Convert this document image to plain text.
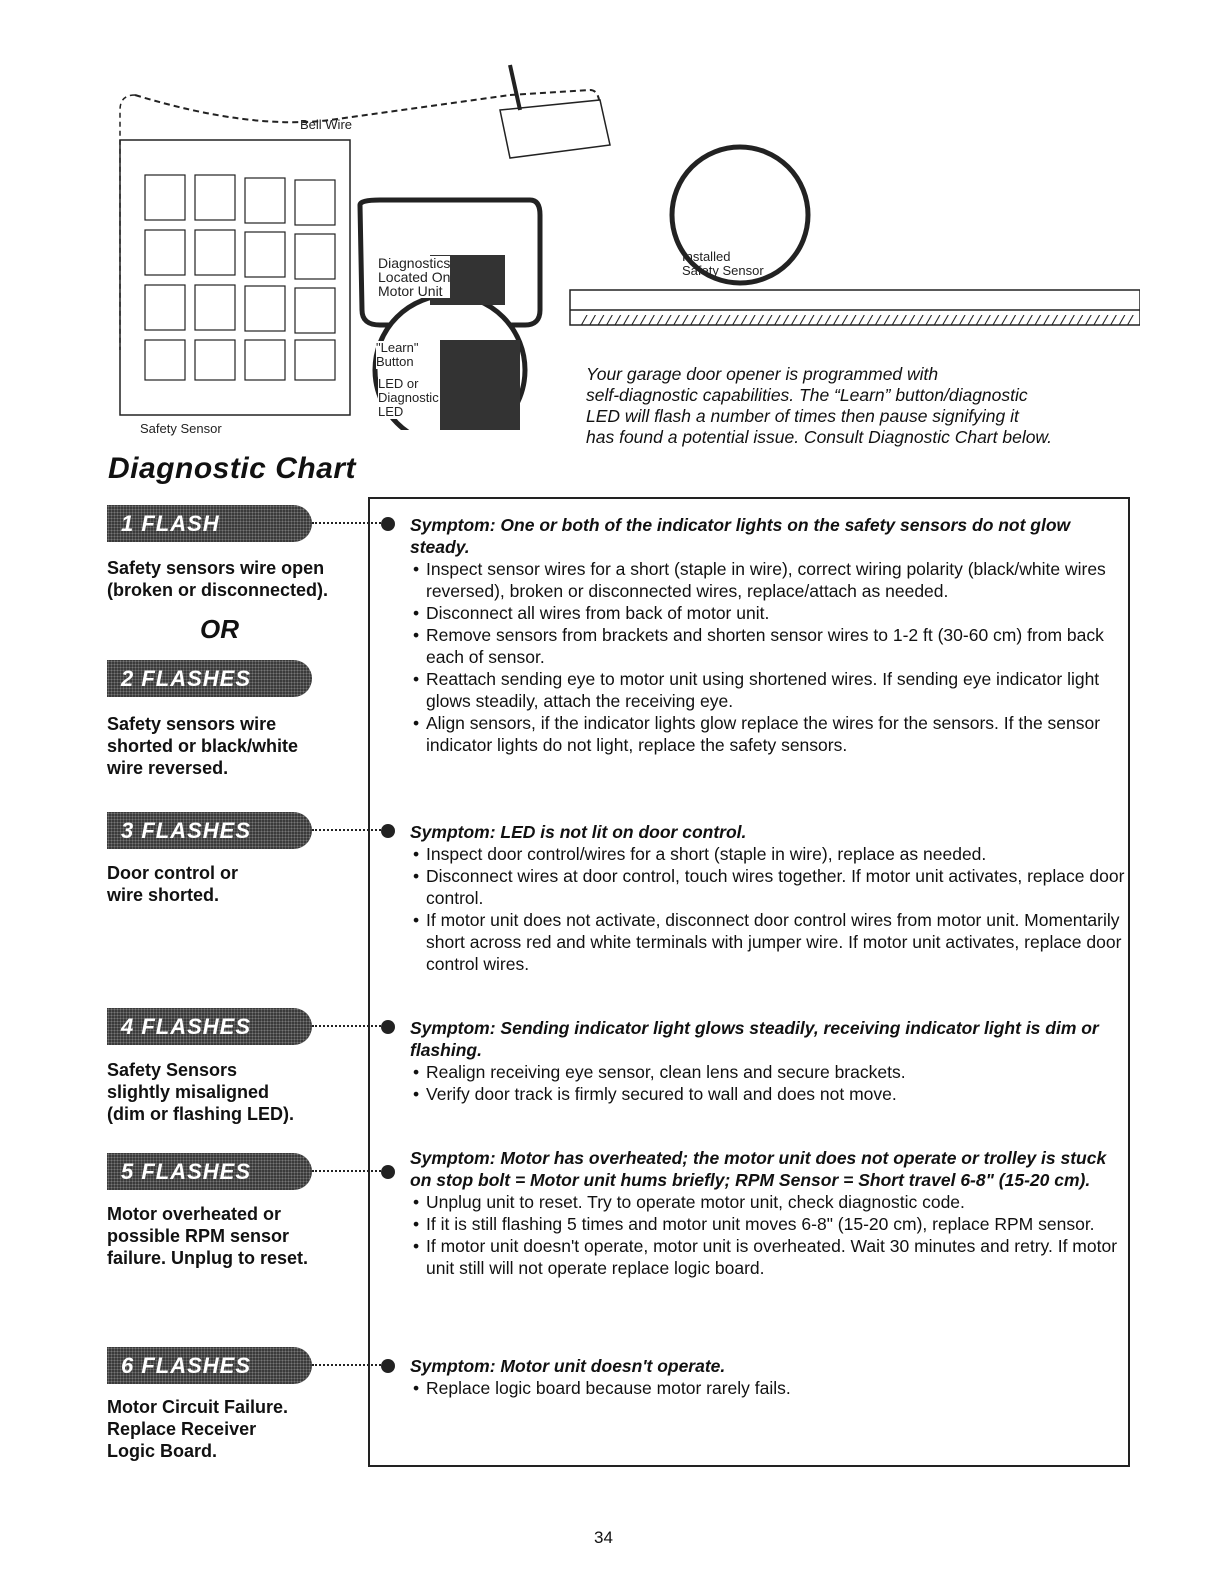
//////////////////////////////////////////////////////////////////
Bell Wire
Safety Sensor
Diagnostics
Located On
Motor Unit
"Learn"
Button
LED or
Diagnostic
LED
Installed
Safety Sensor
Your garage door opener is programmed with
self-diagnostic capabilities. The “Learn” button/diagnostic
LED will flash a number of times then pause signifying it
has found a potential issue. Consult Diagnostic Chart below.
Diagnostic Chart
1 FLASH
2 FLASHES
3 FLASHES
4 FLASHES
5 FLASHES
6 FLASHES
Safety sensors wire open
(broken or disconnected).
OR
Safety sensors wire
shorted or black/white
wire reversed.
Door control or
wire shorted.
Safety Sensors
slightly misaligned
(dim or flashing LED).
Motor overheated or
possible RPM sensor
failure. Unplug to reset.
Motor Circuit Failure.
Replace Receiver
Logic Board.
Symptom: One or both of the indicator lights on the safety sensors do not glow steady.
• Inspect sensor wires for a short (staple in wire), correct wiring polarity (black/white wires reversed), broken or disconnected wires, replace/attach as needed.
• Disconnect all wires from back of motor unit.
• Remove sensors from brackets and shorten sensor wires to 1-2 ft (30-60 cm) from back each of sensor.
• Reattach sending eye to motor unit using shortened wires. If sending eye indicator light glows steadily, attach the receiving eye.
• Align sensors, if the indicator lights glow replace the wires for the sensors. If the sensor indicator lights do not light, replace the safety sensors.
Symptom: LED is not lit on door control.
• Inspect door control/wires for a short (staple in wire), replace as needed.
• Disconnect wires at door control, touch wires together. If motor unit activates, replace door control.
• If motor unit does not activate, disconnect door control wires from motor unit. Momentarily short across red and white terminals with jumper wire. If motor unit activates, replace door control wires.
Symptom: Sending indicator light glows steadily, receiving indicator light is dim or flashing.
• Realign receiving eye sensor, clean lens and secure brackets.
• Verify door track is firmly secured to wall and does not move.
Symptom: Motor has overheated; the motor unit does not operate or trolley is stuck on stop bolt = Motor unit hums briefly; RPM Sensor = Short travel 6-8" (15-20 cm).
• Unplug unit to reset. Try to operate motor unit, check diagnostic code.
• If it is still flashing 5 times and motor unit moves 6-8" (15-20 cm), replace RPM sensor.
• If motor unit doesn't operate, motor unit is overheated. Wait 30 minutes and retry. If motor unit still will not operate replace logic board.
Symptom: Motor unit doesn't operate.
• Replace logic board because motor rarely fails.
34
